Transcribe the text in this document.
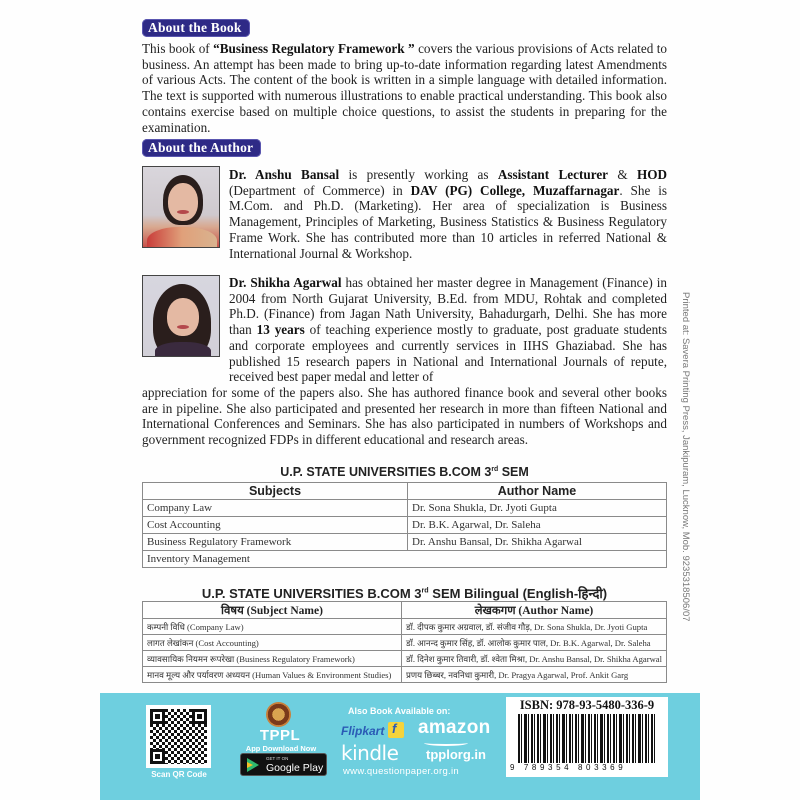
About the Book

This book of “Business Regulatory Framework ” covers the various provisions of Acts related to business. An attempt has been made to bring up-to-date information regarding latest Amendments of various Acts. The content of the book is written in a simple language with detailed information. The text is supported with numerous illustrations to enable practical understanding. This book also contains exercise based on multiple choice questions, to assist the students in preparing for the examination.

About the Author

Dr. Anshu Bansal is presently working as Assistant Lecturer & HOD (Department of Commerce) in DAV (PG) College, Muzaffarnagar. She is M.Com. and Ph.D. (Marketing). Her area of specialization is Business Management, Principles of Marketing, Business Statistics & Business Regulatory Frame Work. She has contributed more than 10 articles in referred National & International Journal & Workshop.

Dr. Shikha Agarwal has obtained her master degree in Management (Finance) in 2004 from North Gujarat University, B.Ed. from MDU, Rohtak and completed Ph.D. (Finance) from Jagan Nath University, Bahadurgarh, Delhi. She has more than 13 years of teaching experience mostly to graduate, post graduate students and corporate employees and currently services in IIHS Ghaziabad. She has published 15 research papers in National and International Journals of repute, received best paper medal and letter of

appreciation for some of the papers also. She has authored finance book and several other books are in pipeline. She also participated and presented her research in more than fifteen National and International Conferences and Seminars. She has also participated in numbers of Workshops and government recognized FDPs in different educational and research areas.	Printed at: Savera Printing Press, Jankipuram, Lucknow, Mob. 9235318506/07
U.P. STATE UNIVERSITIES B.COM 3rd SEM
Subjects	Author Name
Company Law	Dr. Sona Shukla, Dr. Jyoti Gupta
Cost Accounting	Dr. B.K. Agarwal, Dr. Saleha
Business Regulatory Framework	Dr. Anshu Bansal, Dr. Shikha Agarwal
Inventory Management	
U.P. STATE UNIVERSITIES B.COM 3rd SEM Bilingual (English-हिन्दी)
विषय (Subject Name)	लेखकगण (Author Name)
कम्पनी विधि (Company Law)	डॉ. दीपक कुमार अग्रवाल, डॉ. संजीव गौड़, Dr. Sona Shukla, Dr. Jyoti Gupta
लागत लेखांकन (Cost Accounting)	डॉ. आनन्द कुमार सिंह, डॉ. आलोक कुमार पाल, Dr. B.K. Agarwal, Dr. Saleha
व्यावसायिक नियमन रूपरेखा (Business Regulatory Framework)	डॉ. दिनेश कुमार तिवारी, डॉ. श्वेता मिश्रा, Dr. Anshu Bansal, Dr. Shikha Agarwal
मानव मूल्य और पर्यावरण अध्ययन (Human Values & Environment Studies)	प्रणय छिब्बर, नवनिधा कुमारी, Dr. Pragya Agarwal, Prof. Ankit Garg
Scan QR Code
TPPL
App Download Now
GET IT ON
Google Play
Also Book Available on:
Flipkart f amazon
kindle tpplorg.in
www.questionpaper.org.in
ISBN: 978-93-5480-336-9
9 789354 803369
